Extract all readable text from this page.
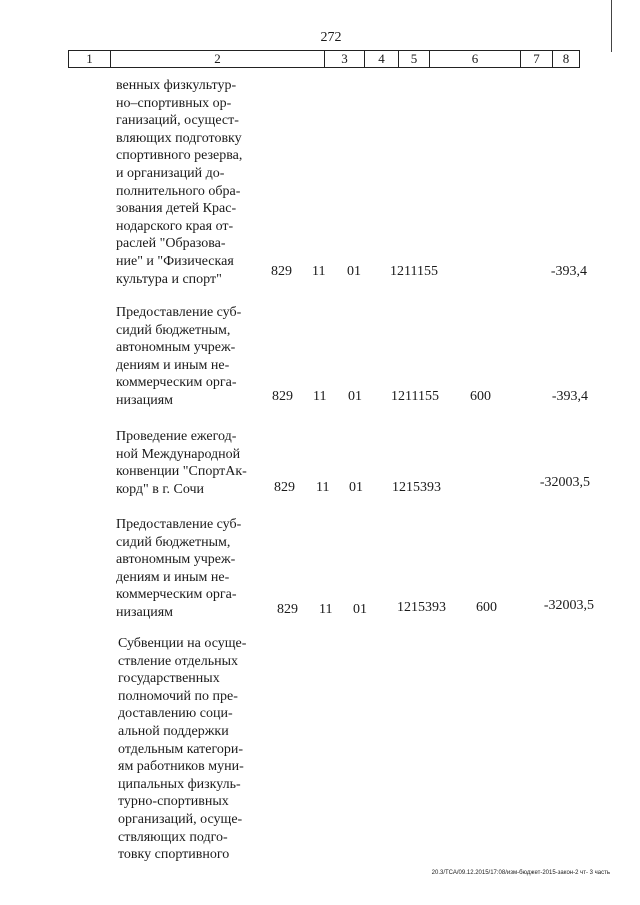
272
1	2	3	4	5	6	7	8
венных физкультур-
но–спортивных ор-
ганизаций, осущест-
вляющих подготовку
спортивного резерва,
и организаций до-
полнительного обра-
зования детей Крас-
нодарского края от-
раслей "Образова-
ние" и "Физическая
культура и спорт"
829 11 01 1211155	-393,4
Предоставление суб-
сидий бюджетным,
автономным учреж-
дениям и иным не-
коммерческим орга-
низациям	829 11 01 1211155 600	-393,4
Проведение ежегод-
ной Международной
конвенции "СпортАк-
корд" в г. Сочи	829 11 01 1215393	-32003,5
Предоставление суб-
сидий бюджетным,
автономным учреж-
дениям и иным не-
коммерческим орга-
низациям	829 11 01 1215393 600	-32003,5
Субвенции на осуще-
ствление отдельных
государственных
полномочий по пре-
доставлению соци-
альной поддержки
отдельным категори-
ям работников муни-
ципальных физкуль-
турно-спортивных
организаций, осуще-
ствляющих подго-
товку спортивного
20.3/ТСА/09.12.2015/17:08/изм-бюджет-2015-закон-2 чт- 3 часть
